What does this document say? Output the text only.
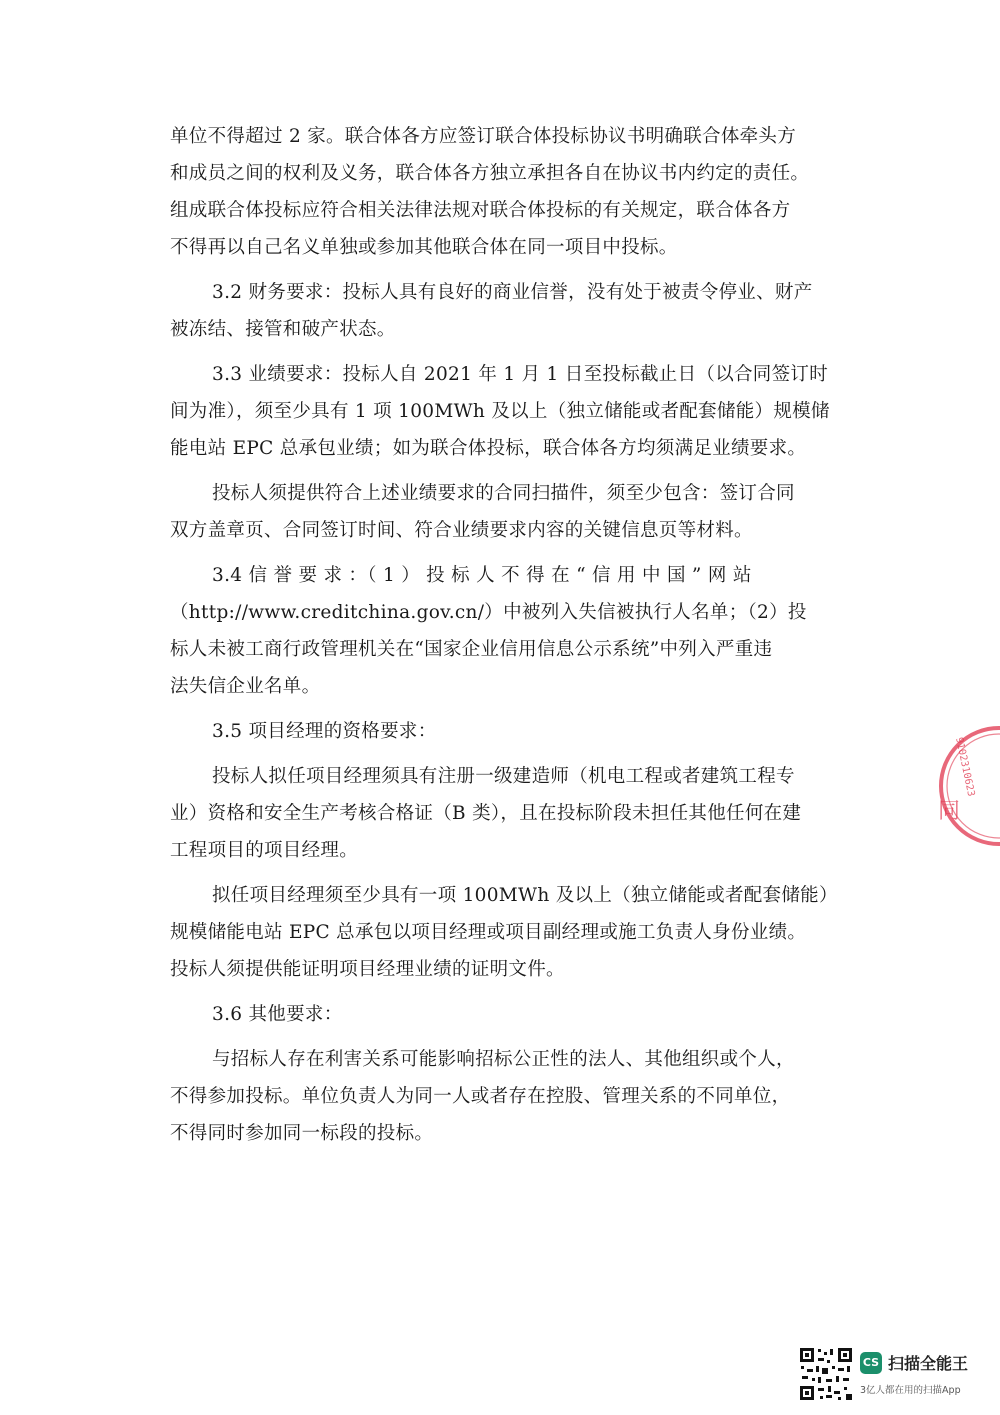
单位不得超过 2 家。联合体各方应签订联合体投标协议书明确联合体牵头方
和成员之间的权利及义务，联合体各方独立承担各自在协议书内约定的责任。
组成联合体投标应符合相关法律法规对联合体投标的有关规定，联合体各方
不得再以自己名义单独或参加其他联合体在同一项目中投标。
3.2 财务要求：投标人具有良好的商业信誉，没有处于被责令停业、财产
被冻结、接管和破产状态。
3.3 业绩要求：投标人自 2021 年 1 月 1 日至投标截止日（以合同签订时
间为准），须至少具有 1 项 100MWh 及以上（独立储能或者配套储能）规模储
能电站 EPC 总承包业绩；如为联合体投标，联合体各方均须满足业绩要求。
投标人须提供符合上述业绩要求的合同扫描件，须至少包含：签订合同
双方盖章页、合同签订时间、符合业绩要求内容的关键信息页等材料。
3.4 信 誉 要 求 ：（ 1 ） 投 标 人 不 得 在 “ 信 用 中 国 ” 网 站
（http://www.creditchina.gov.cn/）中被列入失信被执行人名单；（2）投
标人未被工商行政管理机关在“国家企业信用信息公示系统”中列入严重违
法失信企业名单。
3.5 项目经理的资格要求：
投标人拟任项目经理须具有注册一级建造师（机电工程或者建筑工程专
业）资格和安全生产考核合格证（B 类），且在投标阶段未担任其他任何在建
工程项目的项目经理。
拟任项目经理须至少具有一项 100MWh 及以上（独立储能或者配套储能）
规模储能电站 EPC 总承包以项目经理或项目副经理或施工负责人身份业绩。
投标人须提供能证明项目经理业绩的证明文件。
3.6 其他要求：
与招标人存在利害关系可能影响招标公正性的法人、其他组织或个人，
不得参加投标。单位负责人为同一人或者存在控股、管理关系的不同单位，
不得同时参加同一标段的投标。
9102310623
同
CS 扫描全能王
3亿人都在用的扫描App
